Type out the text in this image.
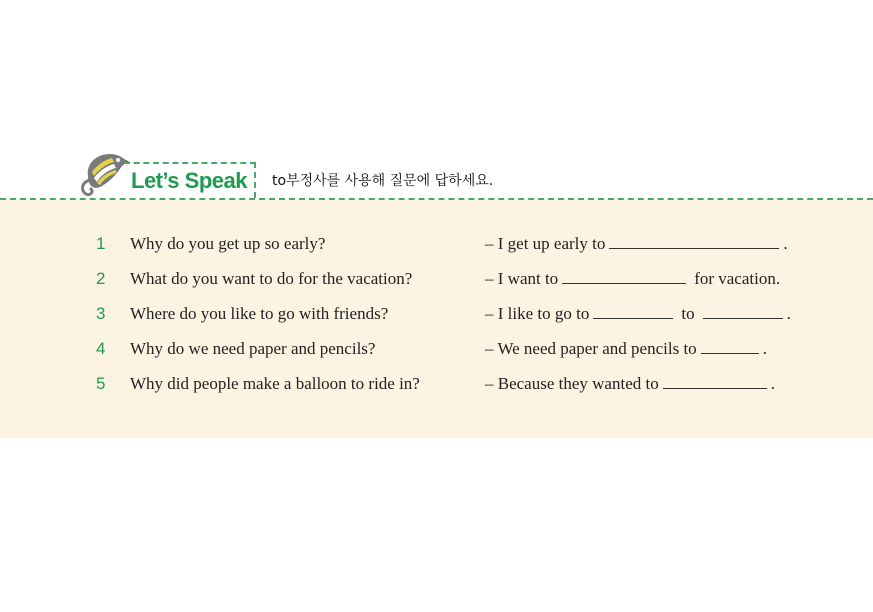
Let’s Speak to부정사를 사용해 질문에 답하세요.
1 Why do you get up so early?	– I get up early to	.
2 What do you want to do for the vacation?	– I want to	for vacation.
3 Where do you like to go with friends?	– I like to go to	to	.
4 Why do we need paper and pencils?	– We need paper and pencils to	.
5 Why did people make a balloon to ride in?	– Because they wanted to	.
